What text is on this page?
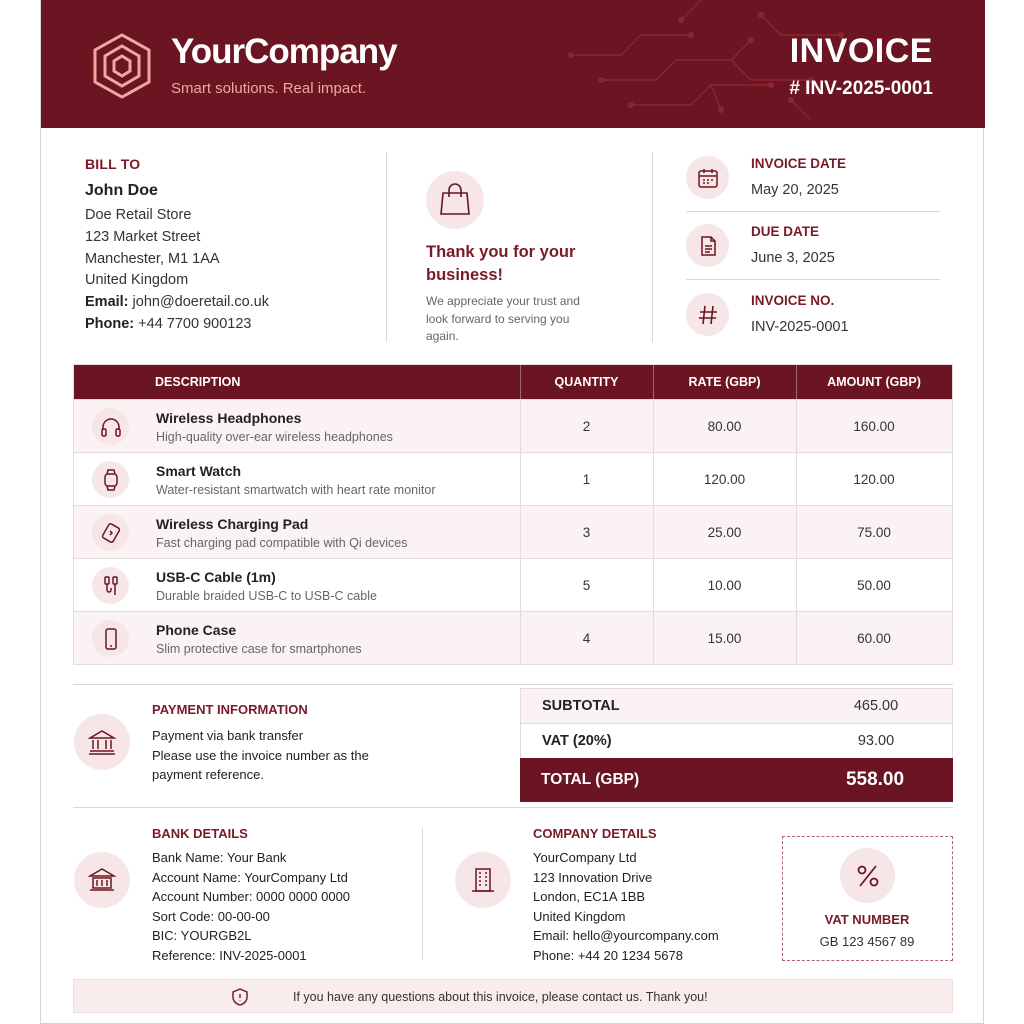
YourCompany
Smart solutions. Real impact.
INVOICE
# INV-2025-0001
BILL TO
John Doe
Doe Retail Store
123 Market Street
Manchester, M1 1AA
United Kingdom
Email: john@doeretail.co.uk
Phone: +44 7700 900123
Thank you for your business!
We appreciate your trust and look forward to serving you again.
INVOICE DATE
May 20, 2025
DUE DATE
June 3, 2025
INVOICE NO.
INV-2025-0001
DESCRIPTION	QUANTITY	RATE (GBP)	AMOUNT (GBP)
Wireless Headphones
High-quality over-ear wireless headphones
2	80.00	160.00
Smart Watch
Water-resistant smartwatch with heart rate monitor
1	120.00	120.00
Wireless Charging Pad
Fast charging pad compatible with Qi devices
3	25.00	75.00
USB-C Cable (1m)
Durable braided USB-C to USB-C cable
5	10.00	50.00
Phone Case
Slim protective case for smartphones
4	15.00	60.00
PAYMENT INFORMATION
Payment via bank transfer
Please use the invoice number as the payment reference.
SUBTOTAL	465.00
VAT (20%)	93.00
TOTAL (GBP)	558.00
BANK DETAILS
Bank Name: Your Bank
Account Name: YourCompany Ltd
Account Number: 0000 0000 0000
Sort Code: 00-00-00
BIC: YOURGB2L
Reference: INV-2025-0001
COMPANY DETAILS
YourCompany Ltd
123 Innovation Drive
London, EC1A 1BB
United Kingdom
Email: hello@yourcompany.com
Phone: +44 20 1234 5678
VAT NUMBER
GB 123 4567 89
If you have any questions about this invoice, please contact us. Thank you!
